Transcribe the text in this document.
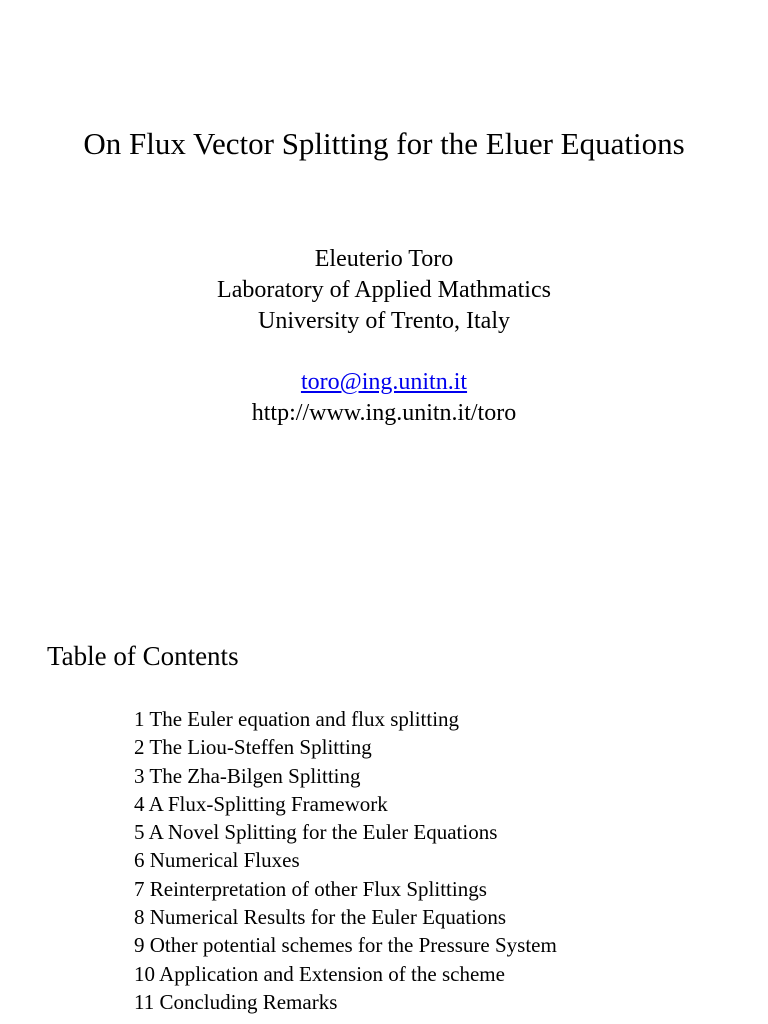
On Flux Vector Splitting for the Eluer Equations
Eleuterio Toro
Laboratory of Applied Mathmatics
University of Trento, Italy
toro@ing.unitn.it
http://www.ing.unitn.it/toro
Table of Contents
1 The Euler equation and flux splitting
2 The Liou-Steffen Splitting
3 The Zha-Bilgen Splitting
4 A Flux-Splitting Framework
5 A Novel Splitting for the Euler Equations
6 Numerical Fluxes
7 Reinterpretation of other Flux Splittings
8 Numerical Results for the Euler Equations
9 Other potential schemes for the Pressure System
10 Application and Extension of the scheme
11 Concluding Remarks
